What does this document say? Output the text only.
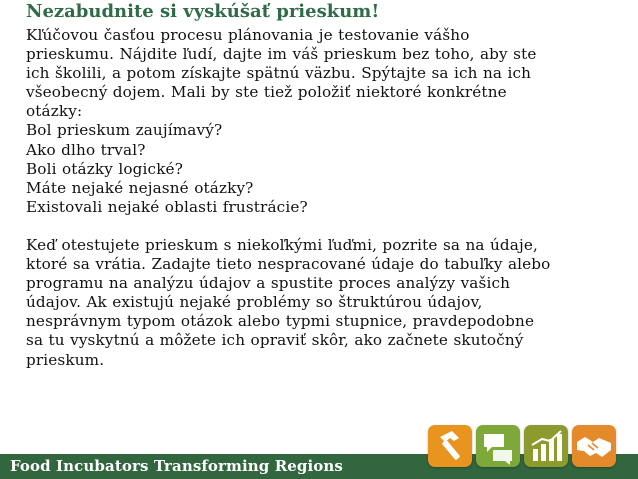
Nezabudnite si vyskúšať prieskum!

Kľúčovou časťou procesu plánovania je testovanie vášho

prieskumu. Nájdite ľudí, dajte im váš prieskum bez toho, aby ste

ich školili, a potom získajte spätnú väzbu. Spýtajte sa ich na ich

všeobecný dojem. Mali by ste tiež položiť niektoré konkrétne

otázky:

Bol prieskum zaujímavý?

Ako dlho trval?

Boli otázky logické?

Máte nejaké nejasné otázky?

Existovali nejaké oblasti frustrácie?

Keď otestujete prieskum s niekoľkými ľuďmi, pozrite sa na údaje,

ktoré sa vrátia. Zadajte tieto nespracované údaje do tabuľky alebo

programu na analýzu údajov a spustite proces analýzy vašich

údajov. Ak existujú nejaké problémy so štruktúrou údajov,

nesprávnym typom otázok alebo typmi stupnice, pravdepodobne

sa tu vyskytnú a môžete ich opraviť skôr, ako začnete skutočný

prieskum.

Food Incubators Transforming Regions
